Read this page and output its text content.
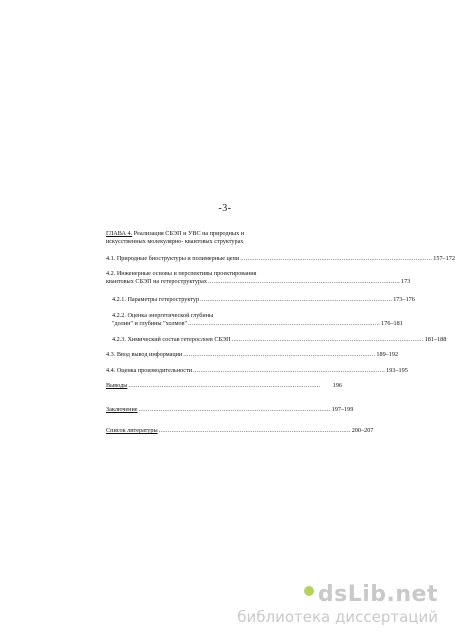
-3-
ГЛАВА 4. Реализация СБЭП и УВС на природных и
искусственных молекулярно- квантовых структурах
4.1. Природные биоструктуры и полимерные цепи ........................................................................................................ 157–172
4.2. Инженерные основы и перспективы проектирования
квантовых СБЭП на гетероструктурах ........................................................................................................ 173
4.2.1. Параметры гетероструктур ........................................................................................................ 173–176
4.2.2. Оценка энергетической глубины
"долин" и глубины "холмов" ........................................................................................................ 176–181
4.2.3. Химический состав гетерослоев СБЭП ........................................................................................................ 181–188
4.3. Ввод вывод информации ........................................................................................................ 189–192
4.4. Оценка производительности ........................................................................................................ 193–195
Выводы ........................................................................................................	196
Заключение ........................................................................................................ 197–199
Список литературы ........................................................................................................ 200–207
dsLib.net
библиотека диссертаций
